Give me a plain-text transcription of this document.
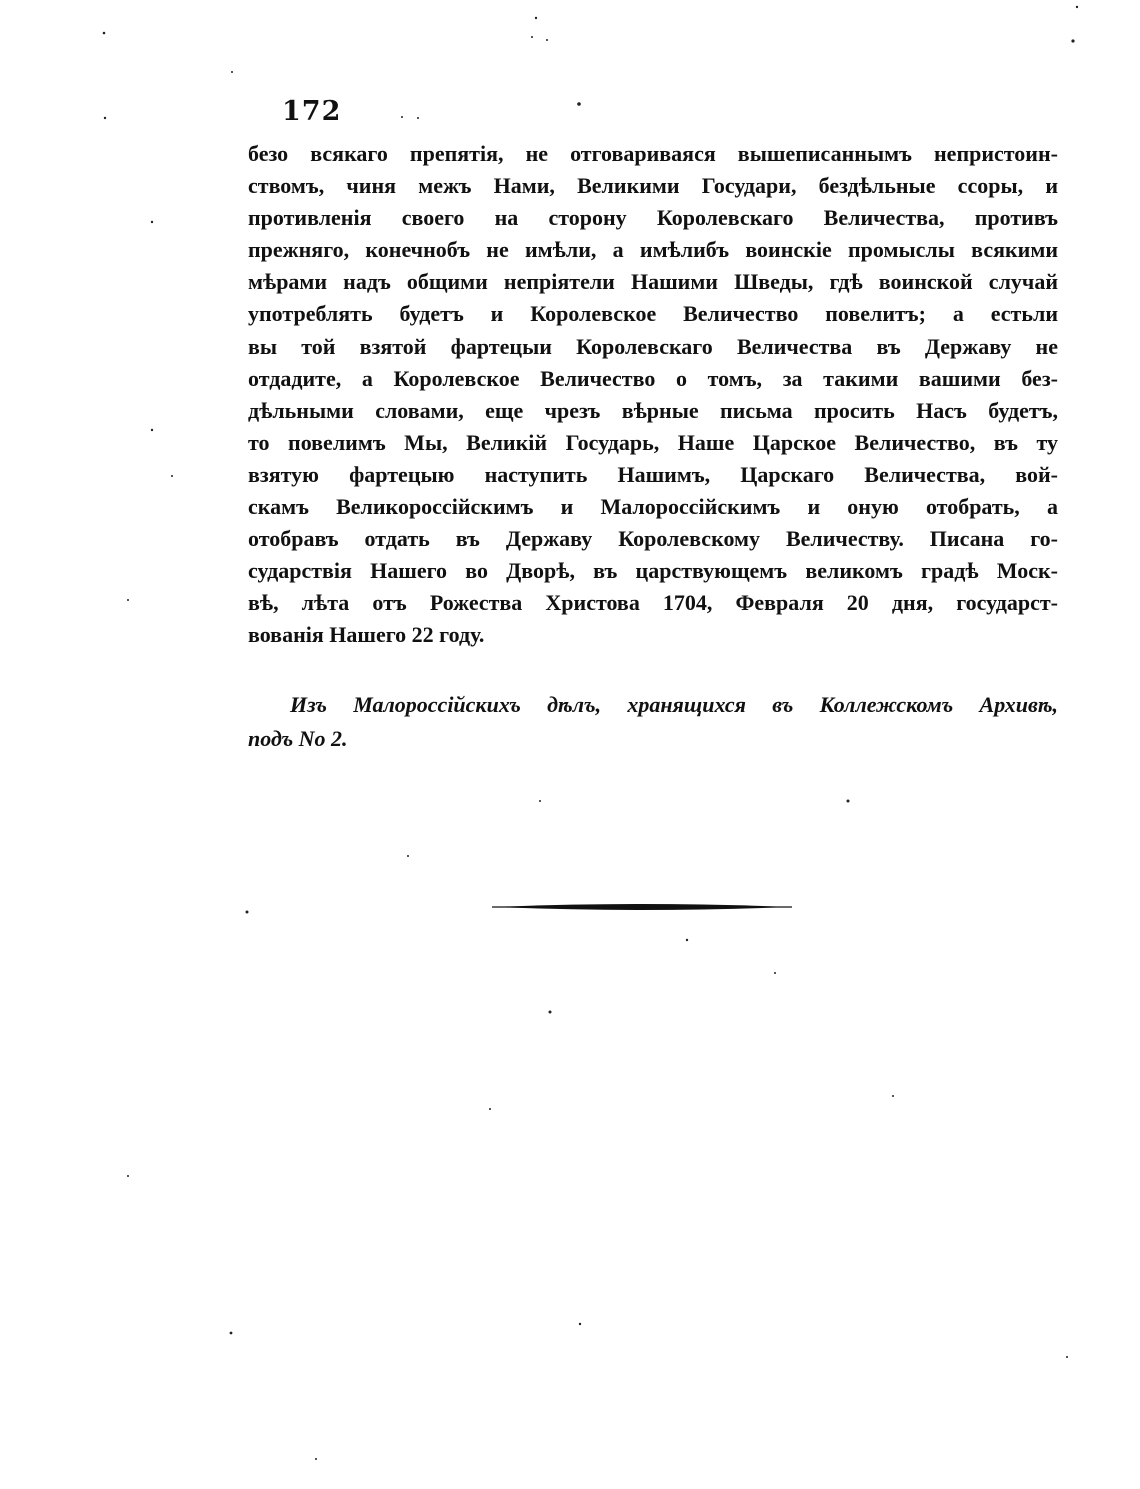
172
безо всякаго препятія, не отговариваяся вышеписаннымъ непристоин-
ствомъ, чиня межъ Нами, Великими Государи, бездѣльные ссоры, и
противленія своего на сторону Королевскаго Величества, противъ
прежняго, конечнобъ не имѣли, а имѣлибъ воинскіе промыслы всякими
мѣрами надъ общими непріятели Нашими Шведы, гдѣ воинской случай
употреблять будетъ и Королевское Величество повелитъ; а естьли
вы той взятой фартецыи Королевскаго Величества въ Державу не
отдадите, а Королевское Величество о томъ, за такими вашими без-
дѣльными словами, еще чрезъ вѣрные письма просить Насъ будетъ,
то повелимъ Мы, Великій Государь, Наше Царское Величество, въ ту
взятую фартецыю наступить Нашимъ, Царскаго Величества, вой-
скамъ Великороссійскимъ и Малороссійскимъ и оную отобрать, а
отобравъ отдать въ Державу Королевскому Величеству. Писана го-
сударствія Нашего во Дворѣ, въ царствующемъ великомъ градѣ Моск-
вѣ, лѣта отъ Рожества Христова 1704, Февраля 20 дня, государст-
вованія Нашего 22 году.
Изъ Малороссійскихъ дѣлъ, хранящихся въ Коллежскомъ Архивѣ,
подъ No 2.
